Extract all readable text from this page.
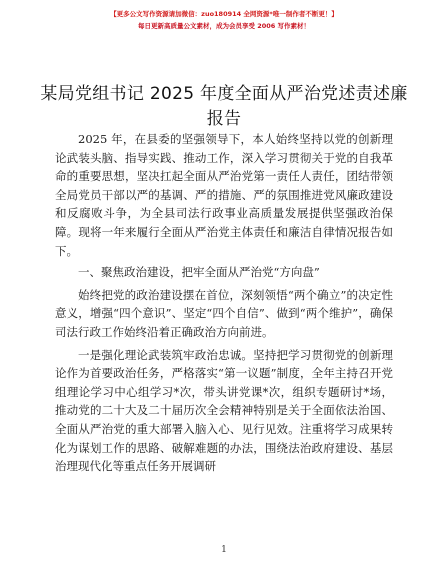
【更多公文写作资源请加微信：zuo180914 全网资源*唯一制作者不断更！】
每日更新高质量公文素材，成为会员享受 2006 写作素材！
某局党组书记 2025 年度全面从严治党述责述廉报告

2025 年，在县委的坚强领导下，本人始终坚持以党的创新理论武装头脑、指导实践、推动工作，深入学习贯彻关于党的自我革命的重要思想，坚决扛起全面从严治党第一责任人责任，团结带领全局党员干部以严的基调、严的措施、严的氛围推进党风廉政建设和反腐败斗争，为全县司法行政事业高质量发展提供坚强政治保障。现将一年来履行全面从严治党主体责任和廉洁自律情况报告如下。

一、聚焦政治建设，把牢全面从严治党“方向盘”

始终把党的政治建设摆在首位，深刻领悟“两个确立”的决定性意义，增强“四个意识”、坚定“四个自信”、做到“两个维护”，确保司法行政工作始终沿着正确政治方向前进。

一是强化理论武装筑牢政治忠诚。坚持把学习贯彻党的创新理论作为首要政治任务，严格落实“第一议题”制度，全年主持召开党组理论学习中心组学习*次，带头讲党课*次，组织专题研讨*场，推动党的二十大及二十届历次全会精神特别是关于全面依法治国、全面从严治党的重大部署入脑入心、见行见效。注重将学习成果转化为谋划工作的思路、破解难题的办法，围绕法治政府建设、基层治理现代化等重点任务开展调研

1
